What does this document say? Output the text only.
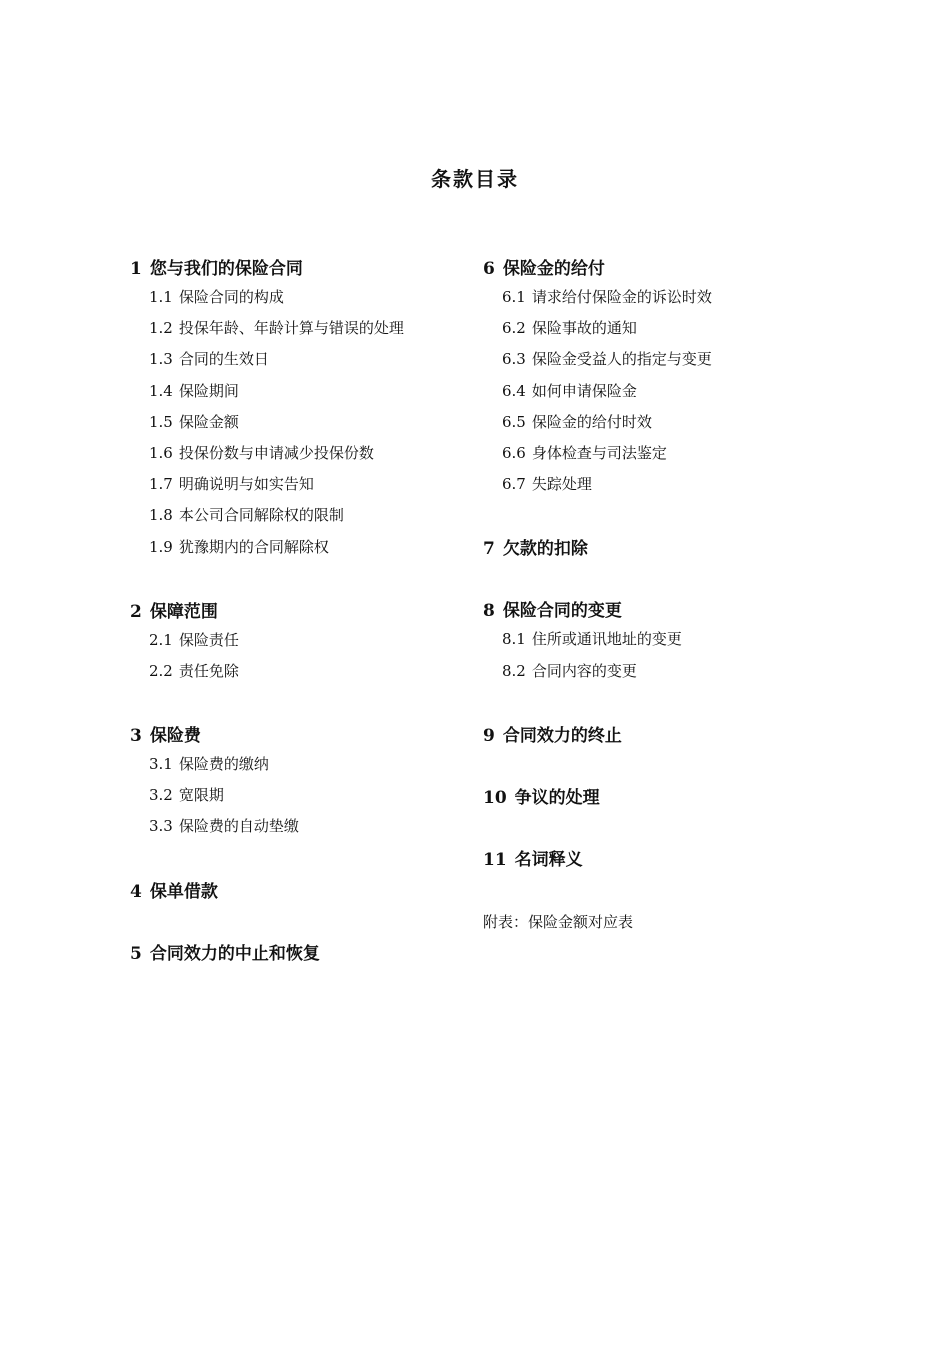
条款目录
1 您与我们的保险合同
1.1 保险合同的构成
1.2 投保年龄、年龄计算与错误的处理
1.3 合同的生效日
1.4 保险期间
1.5 保险金额
1.6 投保份数与申请减少投保份数
1.7 明确说明与如实告知
1.8 本公司合同解除权的限制
1.9 犹豫期内的合同解除权
2 保障范围
2.1 保险责任
2.2 责任免除
3 保险费
3.1 保险费的缴纳
3.2 宽限期
3.3 保险费的自动垫缴
4 保单借款
5 合同效力的中止和恢复
6 保险金的给付
6.1 请求给付保险金的诉讼时效
6.2 保险事故的通知
6.3 保险金受益人的指定与变更
6.4 如何申请保险金
6.5 保险金的给付时效
6.6 身体检查与司法鉴定
6.7 失踪处理
7 欠款的扣除
8 保险合同的变更
8.1 住所或通讯地址的变更
8.2 合同内容的变更
9 合同效力的终止
10 争议的处理
11 名词释义
附表：保险金额对应表
